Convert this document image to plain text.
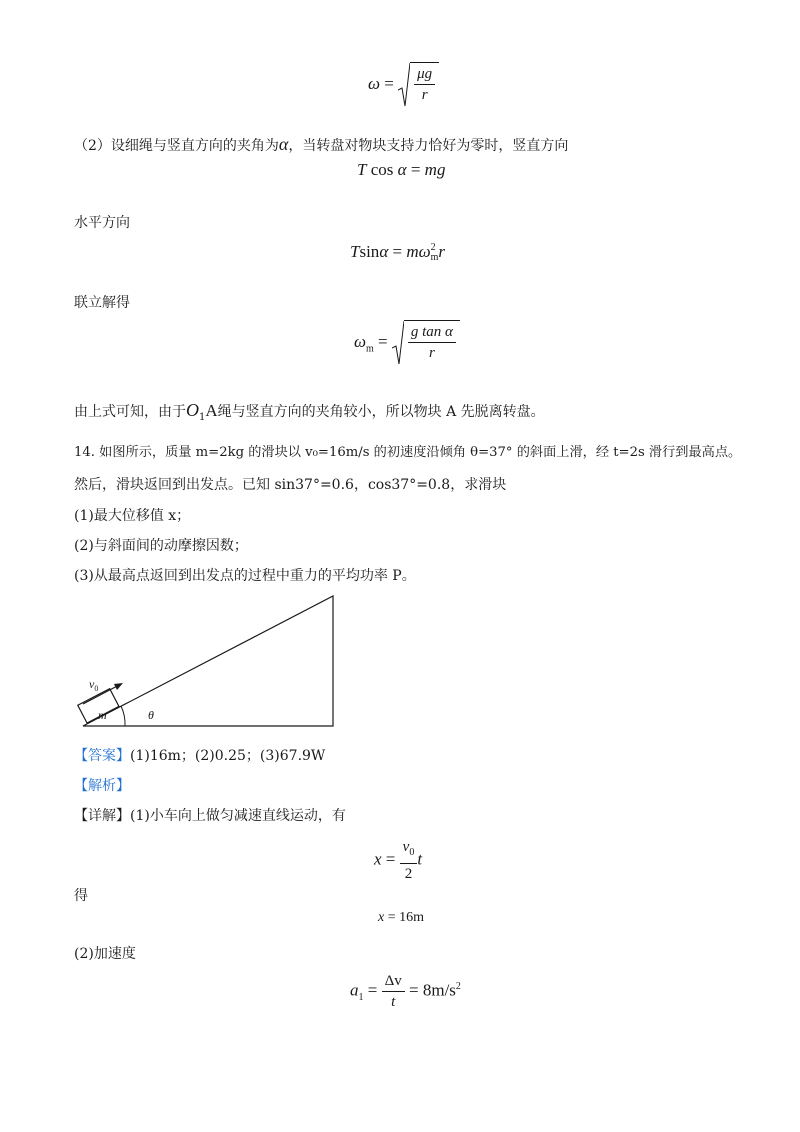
$\omega = \frac{\mu g}{r}$
（2）设细绳与竖直方向的夹角为α，当转盘对物块支持力恰好为零时，竖直方向
T cos α = mg
水平方向
Tsinα = mω 2
m r
联立解得
$\omega_m = \frac{\text{g tan α}}{r}$
由上式可知，由于$O_1A$绳与竖直方向的夹角较小，所以物块 A 先脱离转盘。
14. 如图所示，质量 m=2kg 的滑块以 v₀=16m/s 的初速度沿倾角 θ=37° 的斜面上滑，经 t=2s 滑行到最高点。
然后，滑块返回到出发点。已知 sin37°=0.6，cos37°=0.8，求滑块
(1)最大位移值 x；
(2)与斜面间的动摩擦因数；
(3)从最高点返回到出发点的过程中重力的平均功率 P。
$v_0$
m	θ
【答案】(1)16m；(2)0.25；(3)67.9W
【解析】
【详解】(1)小车向上做匀减速直线运动，有
$x = \frac{v_0}{2}$ t
得
x = 16m
(2)加速度
$a_1 = \frac{\Delta v}{t} = 8m/s^2$
